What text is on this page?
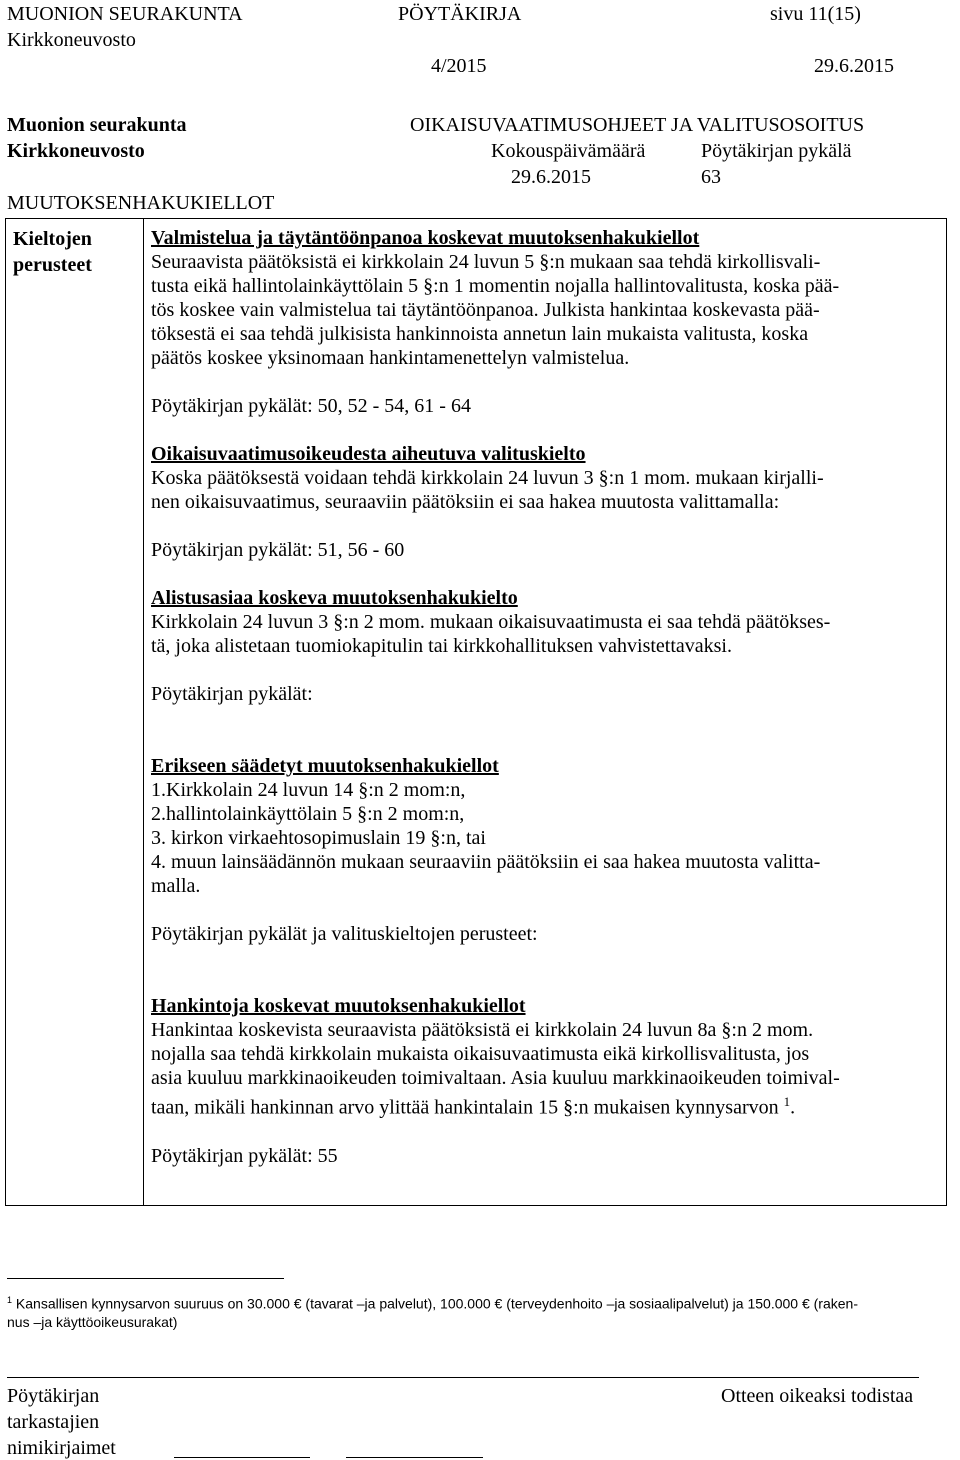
MUONION SEURAKUNTA	PÖYTÄKIRJA	sivu 11(15)
Kirkkoneuvosto
4/2015	29.6.2015
Muonion seurakunta	OIKAISUVAATIMUSOHJEET JA VALITUSOSOITUS
Kirkkoneuvosto	Kokouspäivämäärä	Pöytäkirjan pykälä
29.6.2015	63
MUUTOKSENHAKUKIELLOT
Kieltojen
perusteet

Valmistelua ja täytäntöönpanoa koskevat muutoksenhakukiellot

Seuraavista päätöksistä ei kirkkolain 24 luvun 5 §:n mukaan saa tehdä kirkollisvali-

tusta eikä hallintolainkäyttölain 5 §:n 1 momentin nojalla hallintovalitusta, koska pää-

tös koskee vain valmistelua tai täytäntöönpanoa. Julkista hankintaa koskevasta pää-

töksestä ei saa tehdä julkisista hankinnoista annetun lain mukaista valitusta, koska

päätös koskee yksinomaan hankintamenettelyn valmistelua.

Pöytäkirjan pykälät: 50, 52 - 54, 61 - 64

Oikaisuvaatimusoikeudesta aiheutuva valituskielto

Koska päätöksestä voidaan tehdä kirkkolain 24 luvun 3 §:n 1 mom. mukaan kirjalli-

nen oikaisuvaatimus, seuraaviin päätöksiin ei saa hakea muutosta valittamalla:

Pöytäkirjan pykälät: 51, 56 - 60

Alistusasiaa koskeva muutoksenhakukielto

Kirkkolain 24 luvun 3 §:n 2 mom. mukaan oikaisuvaatimusta ei saa tehdä päätökses-

tä, joka alistetaan tuomiokapitulin tai kirkkohallituksen vahvistettavaksi.

Pöytäkirjan pykälät:

Erikseen säädetyt muutoksenhakukiellot

1.Kirkkolain 24 luvun 14 §:n 2 mom:n,

2.hallintolainkäyttölain 5 §:n 2 mom:n,

3. kirkon virkaehtosopimuslain 19 §:n, tai

4. muun lainsäädännön mukaan seuraaviin päätöksiin ei saa hakea muutosta valitta-

malla.

Pöytäkirjan pykälät ja valituskieltojen perusteet:

Hankintoja koskevat muutoksenhakukiellot

Hankintaa koskevista seuraavista päätöksistä ei kirkkolain 24 luvun 8a §:n 2 mom.

nojalla saa tehdä kirkkolain mukaista oikaisuvaatimusta eikä kirkollisvalitusta, jos

asia kuuluu markkinaoikeuden toimivaltaan. Asia kuuluu markkinaoikeuden toimival-

taan, mikäli hankinnan arvo ylittää hankintalain 15 §:n mukaisen kynnysarvon $^1$.

Pöytäkirjan pykälät: 55

$^1$ Kansallisen kynnysarvon suuruus on 30.000 € (tavarat –ja palvelut), 100.000 € (terveydenhoito –ja sosiaalipalvelut) ja 150.000 € (raken-
nus –ja käyttöoikeusurakat)
Pöytäkirjan
tarkastajien
nimikirjaimet
Otteen oikeaksi todistaa
